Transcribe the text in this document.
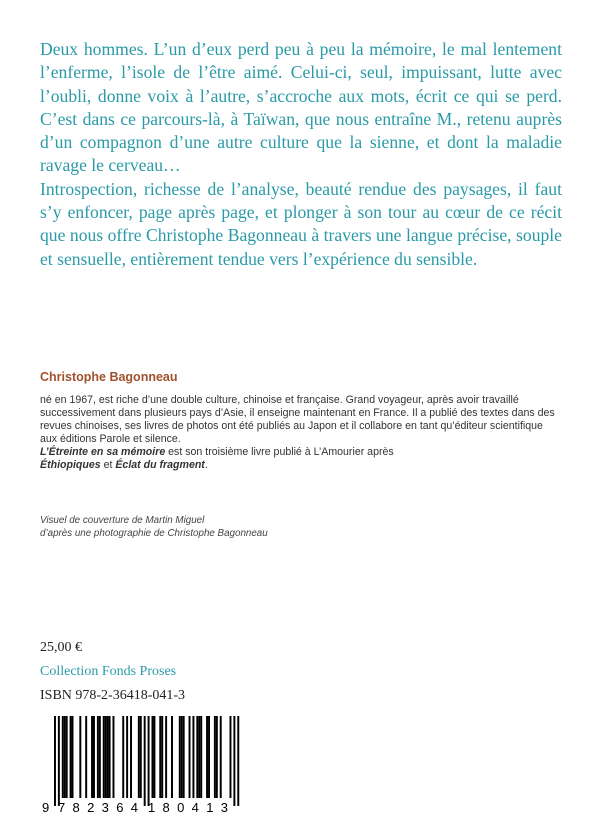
Deux hommes. L’un d’eux perd peu à peu la mémoire, le mal lentement l’enferme, l’isole de l’être aimé. Celui-ci, seul, impuissant, lutte avec l’oubli, donne voix à l’autre, s’accroche aux mots, écrit ce qui se perd. C’est dans ce parcours-là, à Taïwan, que nous entraîne M., retenu auprès d’un compagnon d’une autre culture que la sienne, et dont la maladie ravage le cerveau…

Introspection, richesse de l’analyse, beauté rendue des paysages, il faut s’y enfoncer, page après page, et plonger à son tour au cœur de ce récit que nous offre Christophe Bagonneau à travers une langue précise, souple et sensuelle, entièrement tendue vers l’expérience du sensible.

Christophe Bagonneau

né en 1967, est riche d’une double culture, chinoise et française. Grand voyageur, après avoir travaillé successivement dans plusieurs pays d’Asie, il enseigne maintenant en France. Il a publié des textes dans des revues chinoises, ses livres de photos ont été publiés au Japon et il collabore en tant qu’éditeur scientifique aux éditions Parole et silence.
L’Étreinte en sa mémoire est son troisième livre publié à L’Amourier après
Éthiopiques et Éclat du fragment.

Visuel de couverture de Martin Miguel
d’après une photographie de Christophe Bagonneau
25,00 €
Collection Fonds Proses
ISBN 978-2-36418-041-3
9 782364 180413
